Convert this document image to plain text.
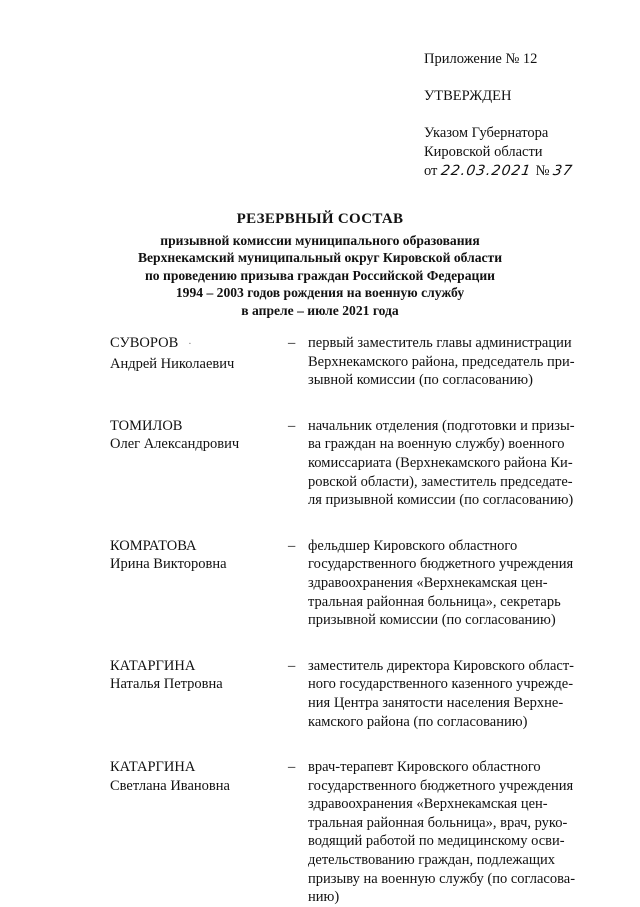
Приложение № 12
УТВЕРЖДЕН
Указом Губернатора
Кировской области
от 22.03.2021 № 37
РЕЗЕРВНЫЙ СОСТАВ
призывной комиссии муниципального образования
Верхнекамский муниципальный округ Кировской области
по проведению призыва граждан Российской Федерации
1994 – 2003 годов рождения на военную службу
в апреле – июле 2021 года
СУВОРОВ ·
Андрей Николаевич
– первый заместитель главы администрации
Верхнекамского района, председатель при-
зывной комиссии (по согласованию)
ТОМИЛОВ
Олег Александрович
– начальник отделения (подготовки и призы-
ва граждан на военную службу) военного
комиссариата (Верхнекамского района Ки-
ровской области), заместитель председате-
ля призывной комиссии (по согласованию)
КОМРАТОВА
Ирина Викторовна
– фельдшер Кировского областного
государственного бюджетного учреждения
здравоохранения «Верхнекамская цен-
тральная районная больница», секретарь
призывной комиссии (по согласованию)
КАТАРГИНА
Наталья Петровна
– заместитель директора Кировского област-
ного государственного казенного учрежде-
ния Центра занятости населения Верхне-
камского района (по согласованию)
КАТАРГИНА
Светлана Ивановна
– врач-терапевт Кировского областного
государственного бюджетного учреждения
здравоохранения «Верхнекамская цен-
тральная районная больница», врач, руко-
водящий работой по медицинскому осви-
детельствованию граждан, подлежащих
призыву на военную службу (по согласова-
нию)
